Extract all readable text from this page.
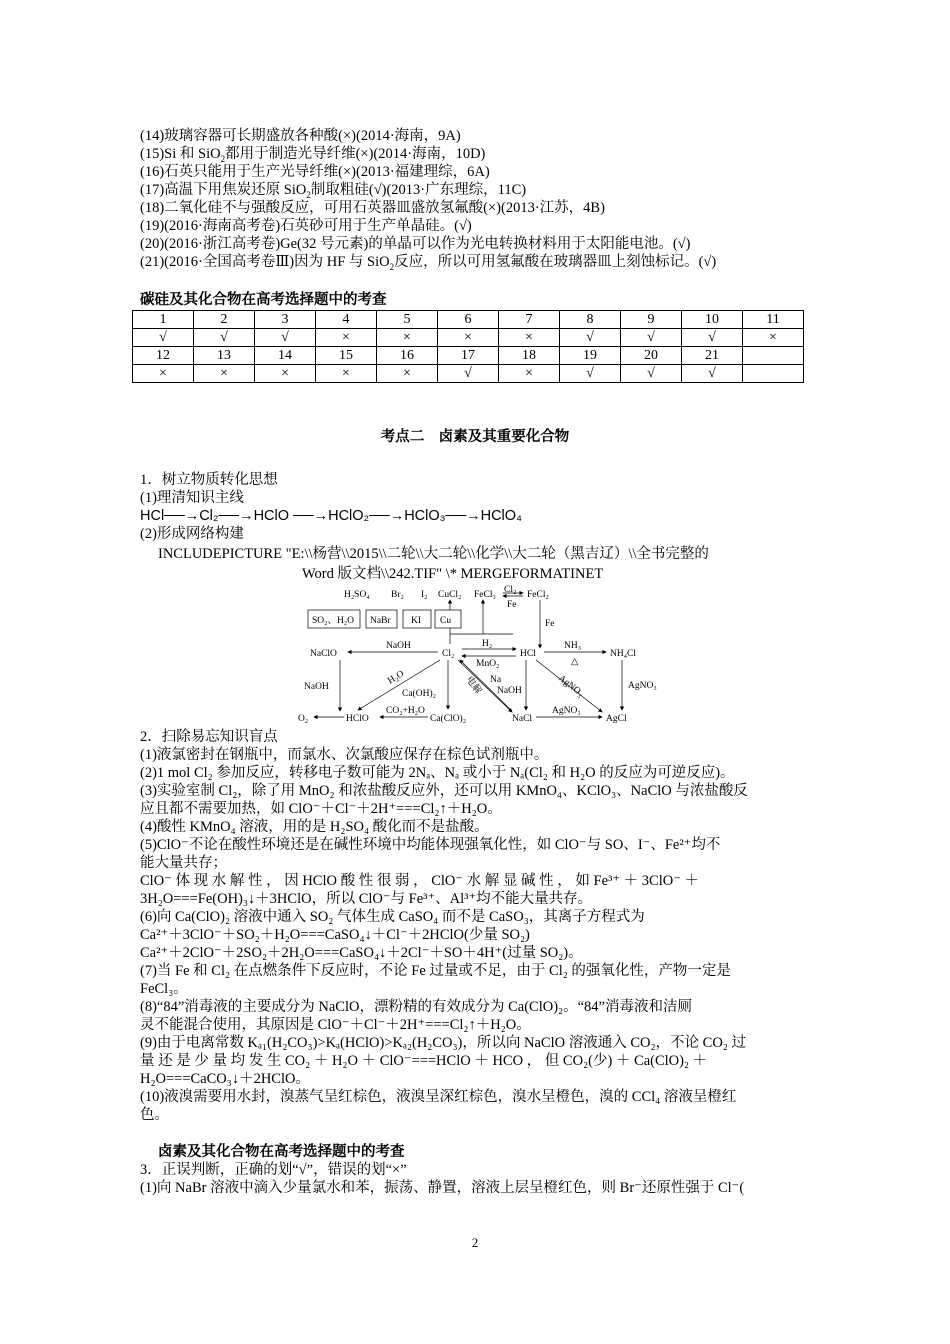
(14)玻璃容器可长期盛放各种酸(×)(2014·海南，9A)
(15)Si 和 SiO$_2$都用于制造光导纤维(×)(2014·海南，10D)
(16)石英只能用于生产光导纤维(×)(2013·福建理综，6A)
(17)高温下用焦炭还原 SiO$_2$制取粗硅(√)(2013·广东理综，11C)
(18)二氧化硅不与强酸反应，可用石英器皿盛放氢氟酸(×)(2013·江苏，4B)
(19)(2016·海南高考卷)石英砂可用于生产单晶硅。(√)
(20)(2016·浙江高考卷)Ge(32 号元素)的单晶可以作为光电转换材料用于太阳能电池。(√)
(21)(2016·全国高考卷Ⅲ)因为 HF 与 SiO$_2$反应，所以可用氢氟酸在玻璃器皿上刻蚀标记。(√)
碳硅及其化合物在高考选择题中的考查
1	2	3	4	5	6	7	8	9	10	11
√	√	√	×	×	×	×	√	√	√	×
12	13	14	15	16	17	18	19	20	21	
×	×	×	×	×	√	×	√	√	√	
考点二　卤素及其重要化合物
1．树立物质转化思想
(1)理清知识主线
HCl──→Cl₂──→HClO ──→HClO₂──→HClO₃──→HClO₄
(2)形成网络构建
INCLUDEPICTURE "E:\\杨营\\2015\\二轮\\大二轮\\化学\\大二轮（黑吉辽）\\全书完整的
Word 版文档\\242.TIF" \* MERGEFORMATINET
H₂SO₄ Br₂ I₂ CuCl₂ FeCl₃	FeCl₂
Cl₂
Fe
SO₂、H₂O NaBr KI Cu	Fe
NaClO	Cl₂	HCl	NH₄Cl
NaOH	H₂
MnO₂
NH₃
△
NaOH
H₂O
Ca(OH)₂	电解 Na
NaOH	AgNO₃	AgNO₃
O₂	HClO	Ca(ClO)₂	NaCl	AgCl
CO₂+H₂O	AgNO₃
2．扫除易忘知识盲点
(1)液氯密封在钢瓶中，而氯水、次氯酸应保存在棕色试剂瓶中。
(2)1 mol Cl₂ 参加反应，转移电子数可能为 2Nₐ、Nₐ 或小于 Nₐ(Cl₂ 和 H₂O 的反应为可逆反应)。
(3)实验室制 Cl₂，除了用 MnO₂ 和浓盐酸反应外，还可以用 KMnO₄、KClO₃、NaClO 与浓盐酸反
应且都不需要加热，如 ClO⁻＋Cl⁻＋2H⁺===Cl₂↑＋H₂O。
(4)酸性 KMnO₄ 溶液，用的是 H₂SO₄ 酸化而不是盐酸。
(5)ClO⁻不论在酸性环境还是在碱性环境中均能体现强氧化性，如 ClO⁻与 SO、I⁻、Fe²⁺均不
能大量共存；
ClO⁻ 体 现 水 解 性 ， 因 HClO 酸 性 很 弱 ， ClO⁻ 水 解 显 碱 性 ， 如 Fe³⁺ ＋ 3ClO⁻ ＋
3H₂O===Fe(OH)₃↓＋3HClO，所以 ClO⁻与 Fe³⁺、Al³⁺均不能大量共存。
(6)向 Ca(ClO)₂ 溶液中通入 SO₂ 气体生成 CaSO₄ 而不是 CaSO₃，其离子方程式为
Ca²⁺＋3ClO⁻＋SO₂＋H₂O===CaSO₄↓＋Cl⁻＋2HClO(少量 SO₂)
Ca²⁺＋2ClO⁻＋2SO₂＋2H₂O===CaSO₄↓＋2Cl⁻＋SO＋4H⁺(过量 SO₂)。
(7)当 Fe 和 Cl₂ 在点燃条件下反应时，不论 Fe 过量或不足，由于 Cl₂ 的强氧化性，产物一定是
FeCl₃。
(8)“84”消毒液的主要成分为 NaClO，漂粉精的有效成分为 Ca(ClO)₂。“84”消毒液和洁厕
灵不能混合使用，其原因是 ClO⁻＋Cl⁻＋2H⁺===Cl₂↑＋H₂O。
(9)由于电离常数 Kₐ₁(H₂CO₃)>Kₐ(HClO)>Kₐ₂(H₂CO₃)，所以向 NaClO 溶液通入 CO₂，不论 CO₂ 过
量 还 是 少 量 均 发 生 CO₂ ＋ H₂O ＋ ClO⁻===HClO ＋ HCO ， 但 CO₂(少) ＋ Ca(ClO)₂ ＋
H₂O===CaCO₃↓＋2HClO。
(10)液溴需要用水封，溴蒸气呈红棕色，液溴呈深红棕色，溴水呈橙色，溴的 CCl₄ 溶液呈橙红
色。
卤素及其化合物在高考选择题中的考查
3．正误判断，正确的划“√”，错误的划“×”
(1)向 NaBr 溶液中滴入少量氯水和苯，振荡、静置，溶液上层呈橙红色，则 Br⁻还原性强于 Cl⁻(
2
